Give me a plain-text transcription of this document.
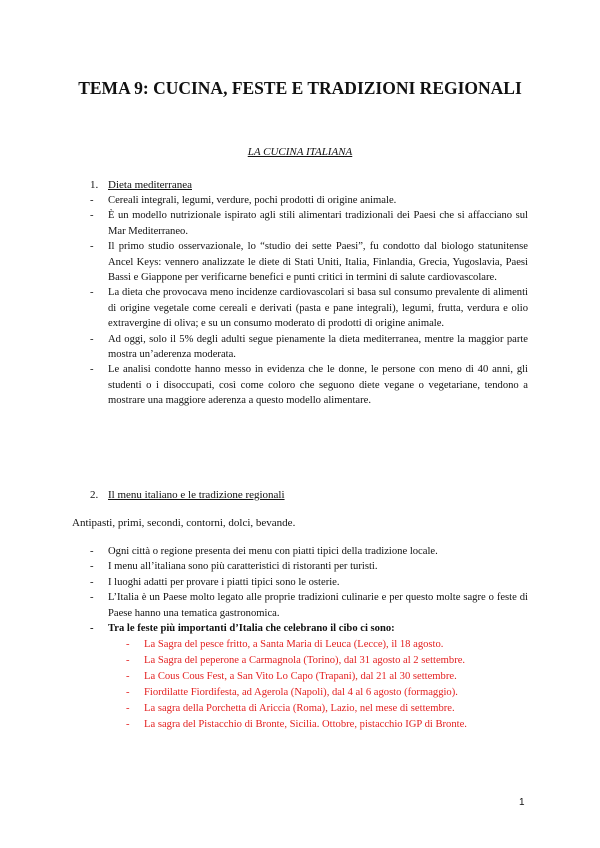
TEMA 9: CUCINA, FESTE E TRADIZIONI REGIONALI
LA CUCINA ITALIANA
1. Dieta mediterranea
- Cereali integrali, legumi, verdure, pochi prodotti di origine animale.
- È un modello nutrizionale ispirato agli stili alimentari tradizionali dei Paesi che si affacciano sul Mar Mediterraneo.
- Il primo studio osservazionale, lo “studio dei sette Paesi”, fu condotto dal biologo statunitense Ancel Keys: vennero analizzate le diete di Stati Uniti, Italia, Finlandia, Grecia, Yugoslavia, Paesi Bassi e Giappone per verificarne benefici e punti critici in termini di salute cardiovascolare.
- La dieta che provocava meno incidenze cardiovascolari si basa sul consumo prevalente di alimenti di origine vegetale come cereali e derivati (pasta e pane integrali), legumi, frutta, verdura e olio extravergine di oliva; e su un consumo moderato di prodotti di origine animale.
- Ad oggi, solo il 5% degli adulti segue pienamente la dieta mediterranea, mentre la maggior parte mostra un’aderenza moderata.
- Le analisi condotte hanno messo in evidenza che le donne, le persone con meno di 40 anni, gli studenti o i disoccupati, così come coloro che seguono diete vegane o vegetariane, tendono a mostrare una maggiore aderenza a questo modello alimentare.
2. Il menu italiano e le tradizione regionali
Antipasti, primi, secondi, contorni, dolci, bevande.
- Ogni città o regione presenta dei menu con piatti tipici della tradizione locale.
- I menu all’italiana sono più caratteristici di ristoranti per turisti.
- I luoghi adatti per provare i piatti tipici sono le osterie.
- L’Italia è un Paese molto legato alle proprie tradizioni culinarie e per questo molte sagre o feste di Paese hanno una tematica gastronomica.
- Tra le feste più importanti d’Italia che celebrano il cibo ci sono:
- La Sagra del pesce fritto, a Santa Maria di Leuca (Lecce), il 18 agosto.
- La Sagra del peperone a Carmagnola (Torino), dal 31 agosto al 2 settembre.
- La Cous Cous Fest, a San Vito Lo Capo (Trapani), dal 21 al 30 settembre.
- Fiordilatte Fiordifesta, ad Agerola (Napoli), dal 4 al 6 agosto (formaggio).
- La sagra della Porchetta di Ariccia (Roma), Lazio, nel mese di settembre.
- La sagra del Pistacchio di Bronte, Sicilia. Ottobre, pistacchio IGP di Bronte.
1
